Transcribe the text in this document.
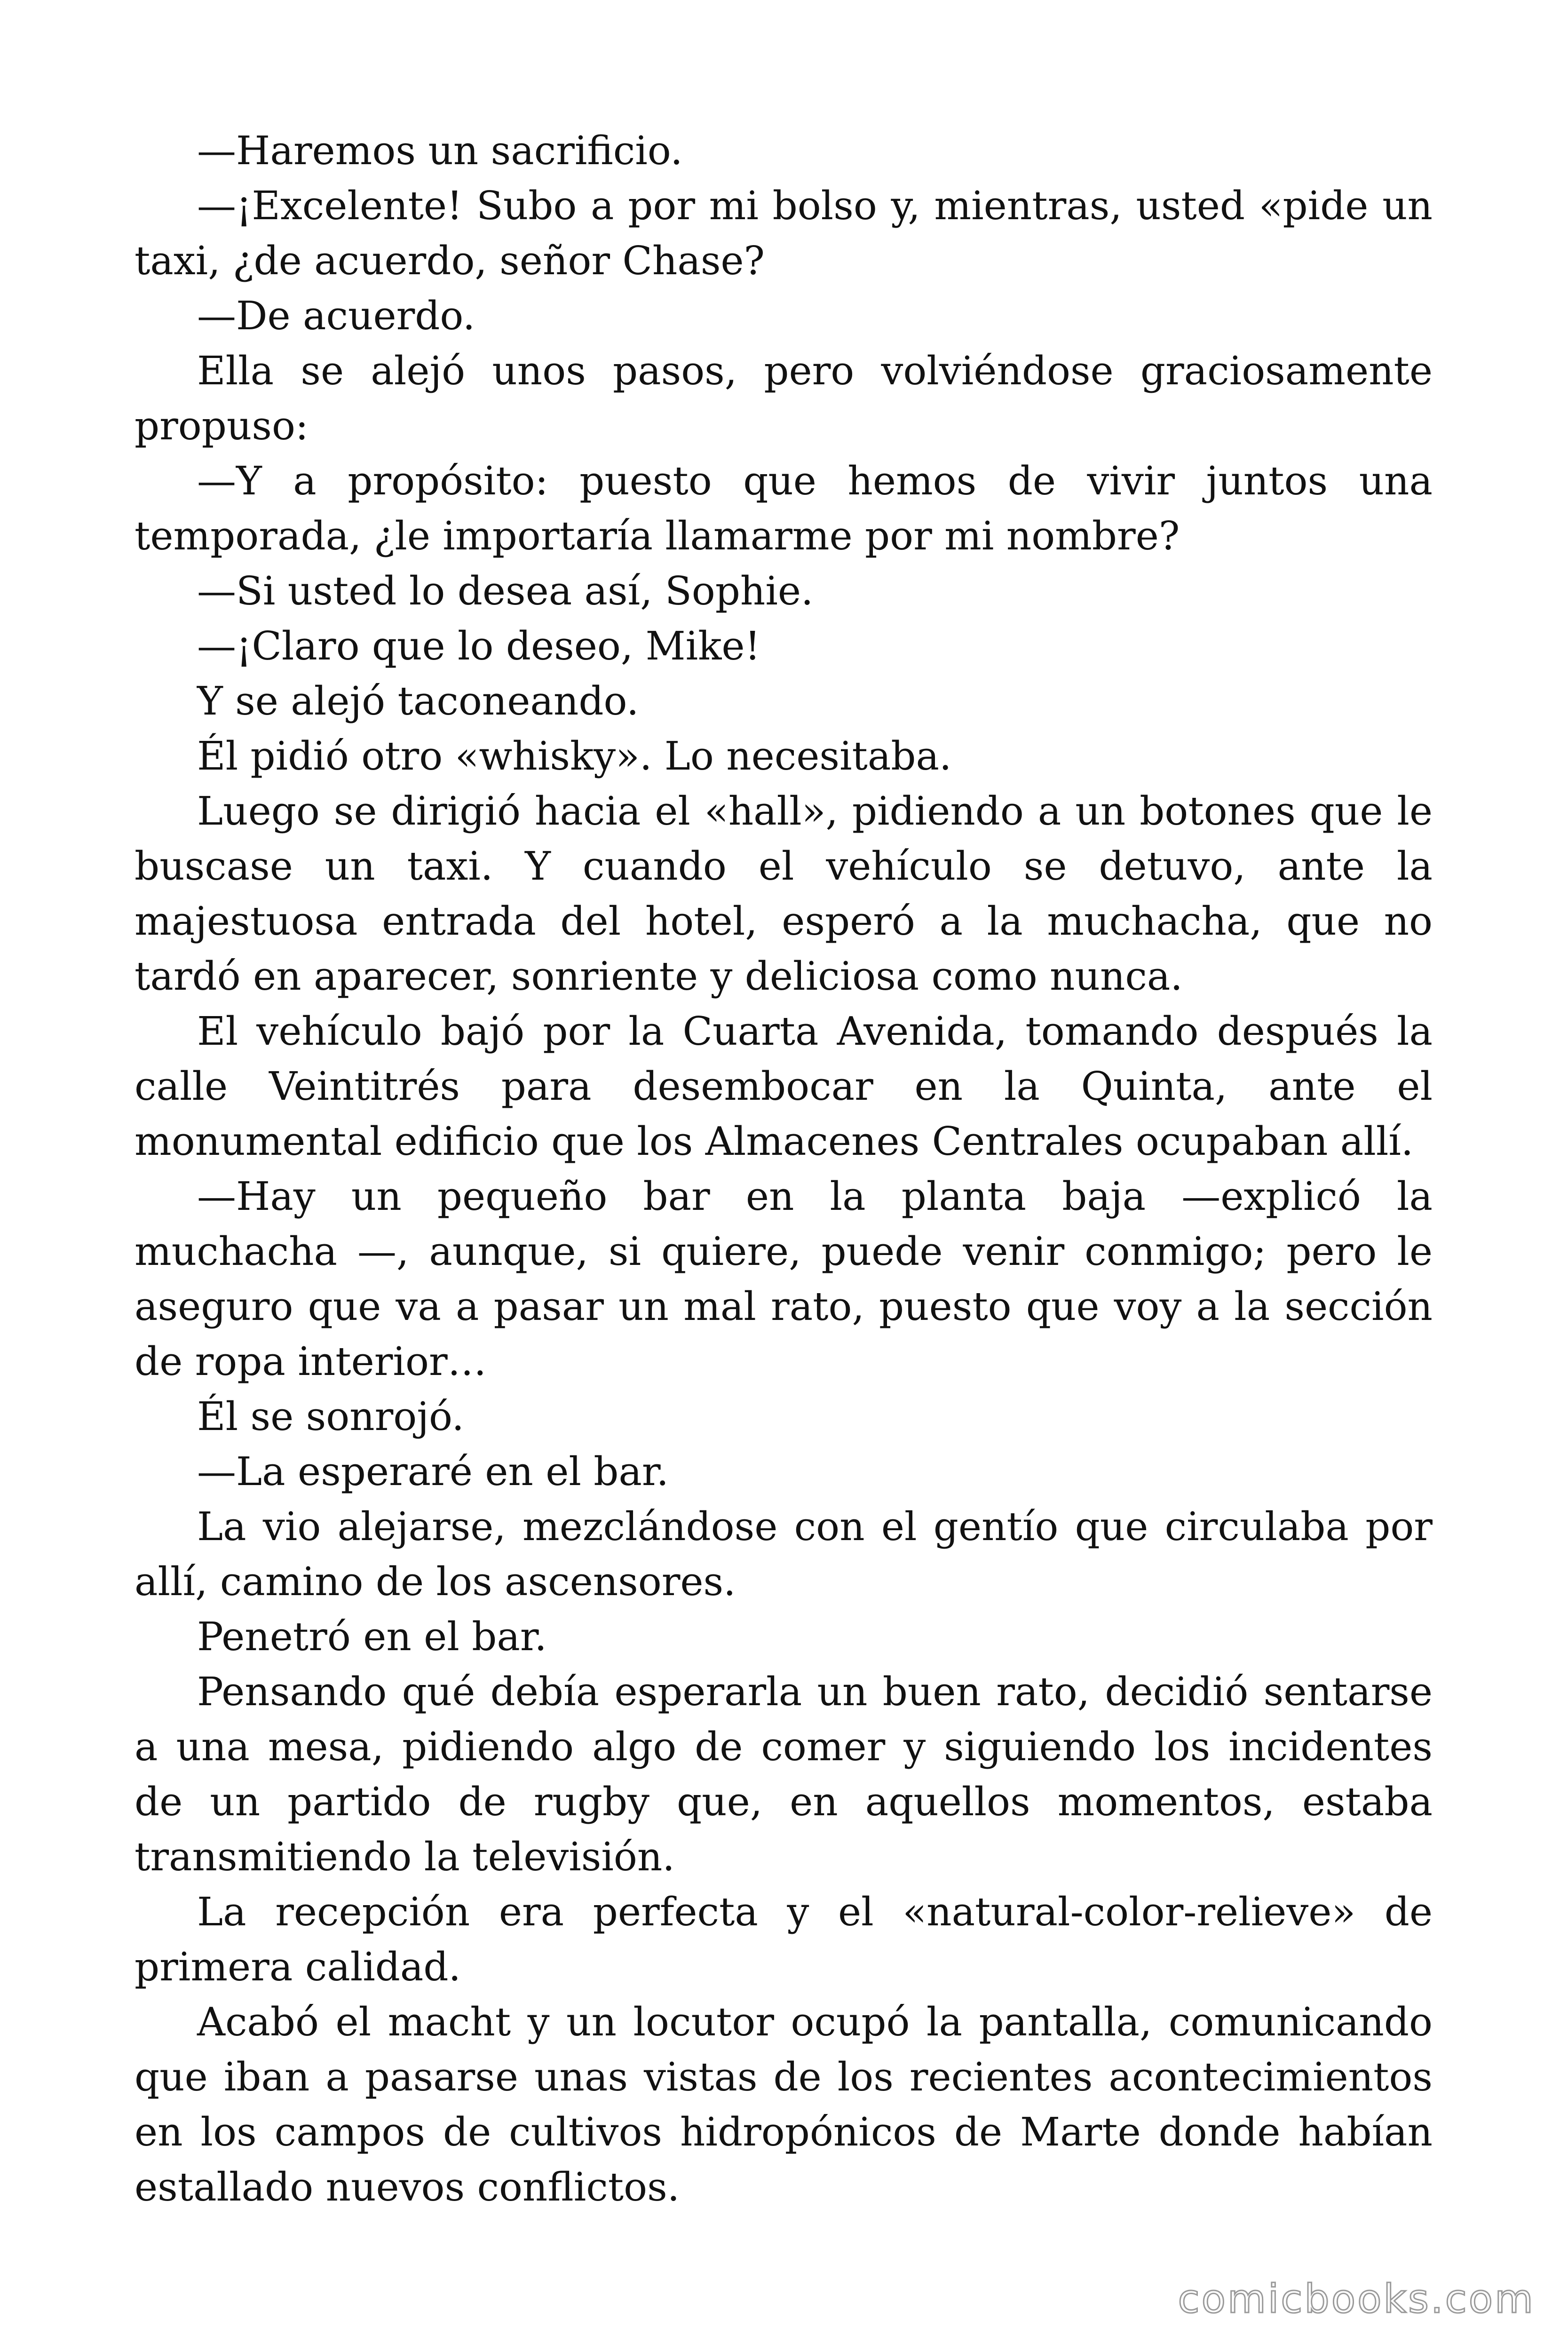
—Haremos un sacrificio.

—¡Excelente! Subo a por mi bolso y, mientras, usted «pide un taxi, ¿de acuerdo, señor Chase?

—De acuerdo.

Ella se alejó unos pasos, pero volviéndose graciosamente propuso:

—Y a propósito: puesto que hemos de vivir juntos una temporada, ¿le importaría llamarme por mi nombre?

—Si usted lo desea así, Sophie.

—¡Claro que lo deseo, Mike!

Y se alejó taconeando.

Él pidió otro «whisky». Lo necesitaba.

Luego se dirigió hacia el «hall», pidiendo a un botones que le buscase un taxi. Y cuando el vehículo se detuvo, ante la majestuosa entrada del hotel, esperó a la muchacha, que no tardó en aparecer, sonriente y deliciosa como nunca.

El vehículo bajó por la Cuarta Avenida, tomando después la calle Veintitrés para desembocar en la Quinta, ante el monumental edificio que los Almacenes Centrales ocupaban allí.

—Hay un pequeño bar en la planta baja —explicó la muchacha —, aunque, si quiere, puede venir conmigo; pero le aseguro que va a pasar un mal rato, puesto que voy a la sección de ropa interior…

Él se sonrojó.

—La esperaré en el bar.

La vio alejarse, mezclándose con el gentío que circulaba por allí, camino de los ascensores.

Penetró en el bar.

Pensando qué debía esperarla un buen rato, decidió sentarse a una mesa, pidiendo algo de comer y siguiendo los incidentes de un partido de rugby que, en aquellos momentos, estaba transmitiendo la televisión.

La recepción era perfecta y el «natural-color-relieve» de primera calidad.

Acabó el macht y un locutor ocupó la pantalla, comunicando que iban a pasarse unas vistas de los recientes acontecimientos en los campos de cultivos hidropónicos de Marte donde habían estallado nuevos conflictos.

comicbooks.com
